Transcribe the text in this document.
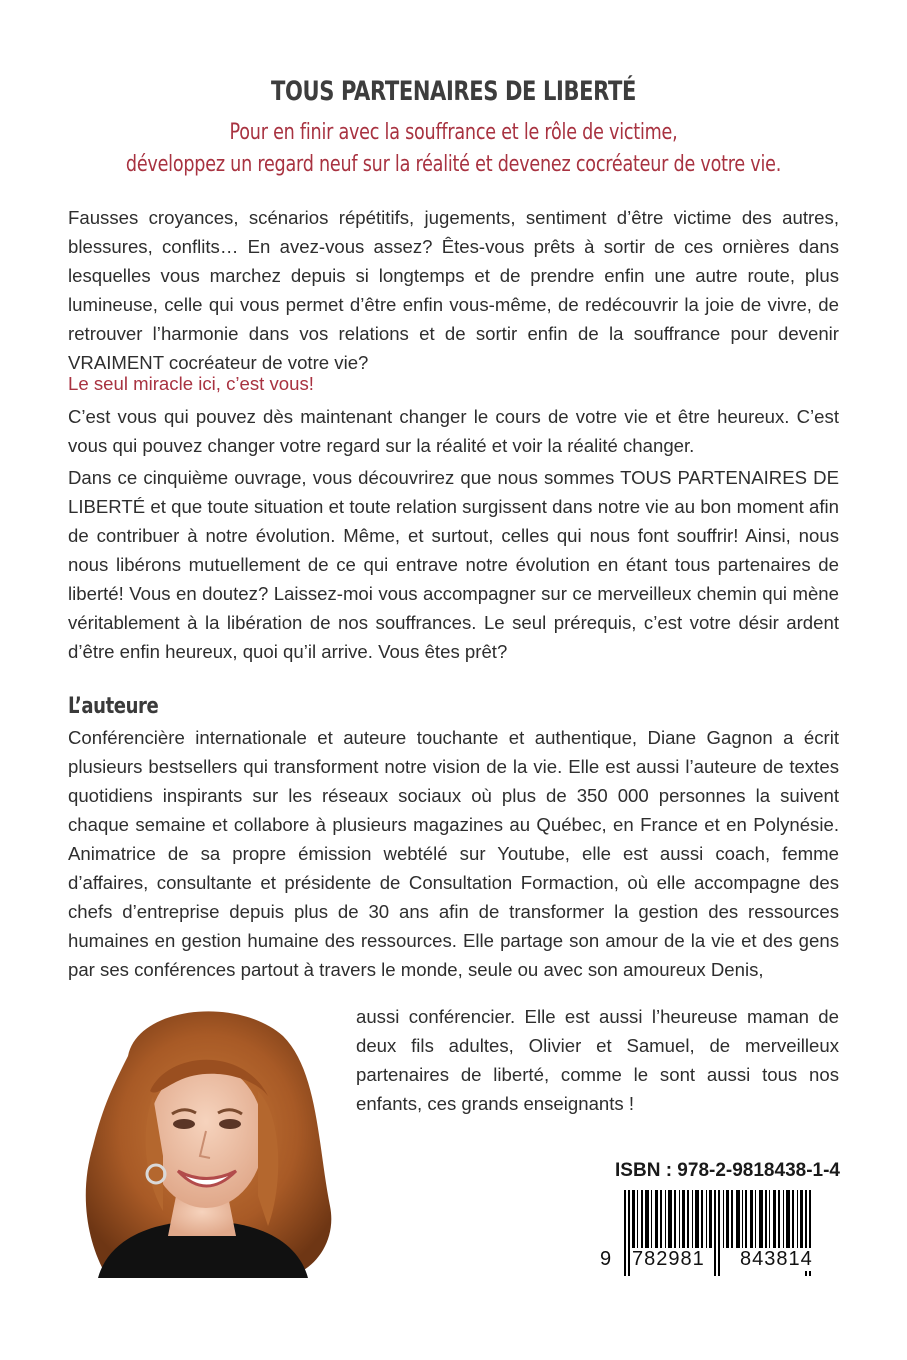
TOUS PARTENAIRES DE LIBERTÉ
Pour en finir avec la souffrance et le rôle de victime,
développez un regard neuf sur la réalité et devenez cocréateur de votre vie.
Fausses croyances, scénarios répétitifs, jugements, sentiment d’être victime des autres, blessures, conflits… En avez-vous assez? Êtes-vous prêts à sortir de ces ornières dans lesquelles vous marchez depuis si longtemps et de prendre enfin une autre route, plus lumineuse, celle qui vous permet d’être enfin vous-même, de redécouvrir la joie de vivre, de retrouver l’harmonie dans vos relations et de sortir enfin de la souffrance pour devenir VRAIMENT cocréateur de votre vie?
Le seul miracle ici, c’est vous!
C’est vous qui pouvez dès maintenant changer le cours de votre vie et être heureux. C’est vous qui pouvez changer votre regard sur la réalité et voir la réalité changer.
Dans ce cinquième ouvrage, vous découvrirez que nous sommes TOUS PARTENAIRES DE LIBERTÉ et que toute situation et toute relation surgissent dans notre vie au bon moment afin de contribuer à notre évolution. Même, et surtout, celles qui nous font souffrir! Ainsi, nous nous libérons mutuellement de ce qui entrave notre évolution en étant tous partenaires de liberté! Vous en doutez? Laissez-moi vous accompagner sur ce merveilleux chemin qui mène véritablement à la libération de nos souffrances. Le seul prérequis, c’est votre désir ardent d’être enfin heureux, quoi qu’il arrive. Vous êtes prêt?
L’auteure
Conférencière internationale et auteure touchante et authentique, Diane Gagnon a écrit plusieurs bestsellers qui transforment notre vision de la vie. Elle est aussi l’auteure de textes quotidiens inspirants sur les réseaux sociaux où plus de 350 000 personnes la suivent chaque semaine et collabore à plusieurs magazines au Québec, en France et en Polynésie. Animatrice de sa propre émission webtélé sur Youtube, elle est aussi coach, femme d’affaires, consultante et présidente de Consultation Formaction, où elle accompagne des chefs d’entreprise depuis plus de 30 ans afin de transformer la gestion des ressources humaines en gestion humaine des ressources. Elle partage son amour de la vie et des gens par ses conférences partout à travers le monde, seule ou avec son amoureux Denis,
aussi conférencier. Elle est aussi l’heureuse maman de deux fils adultes, Olivier et Samuel, de merveilleux partenaires de liberté, comme le sont aussi tous nos enfants, ces grands enseignants !
ISBN : 978-2-9818438-1-4
9 782981 843814
